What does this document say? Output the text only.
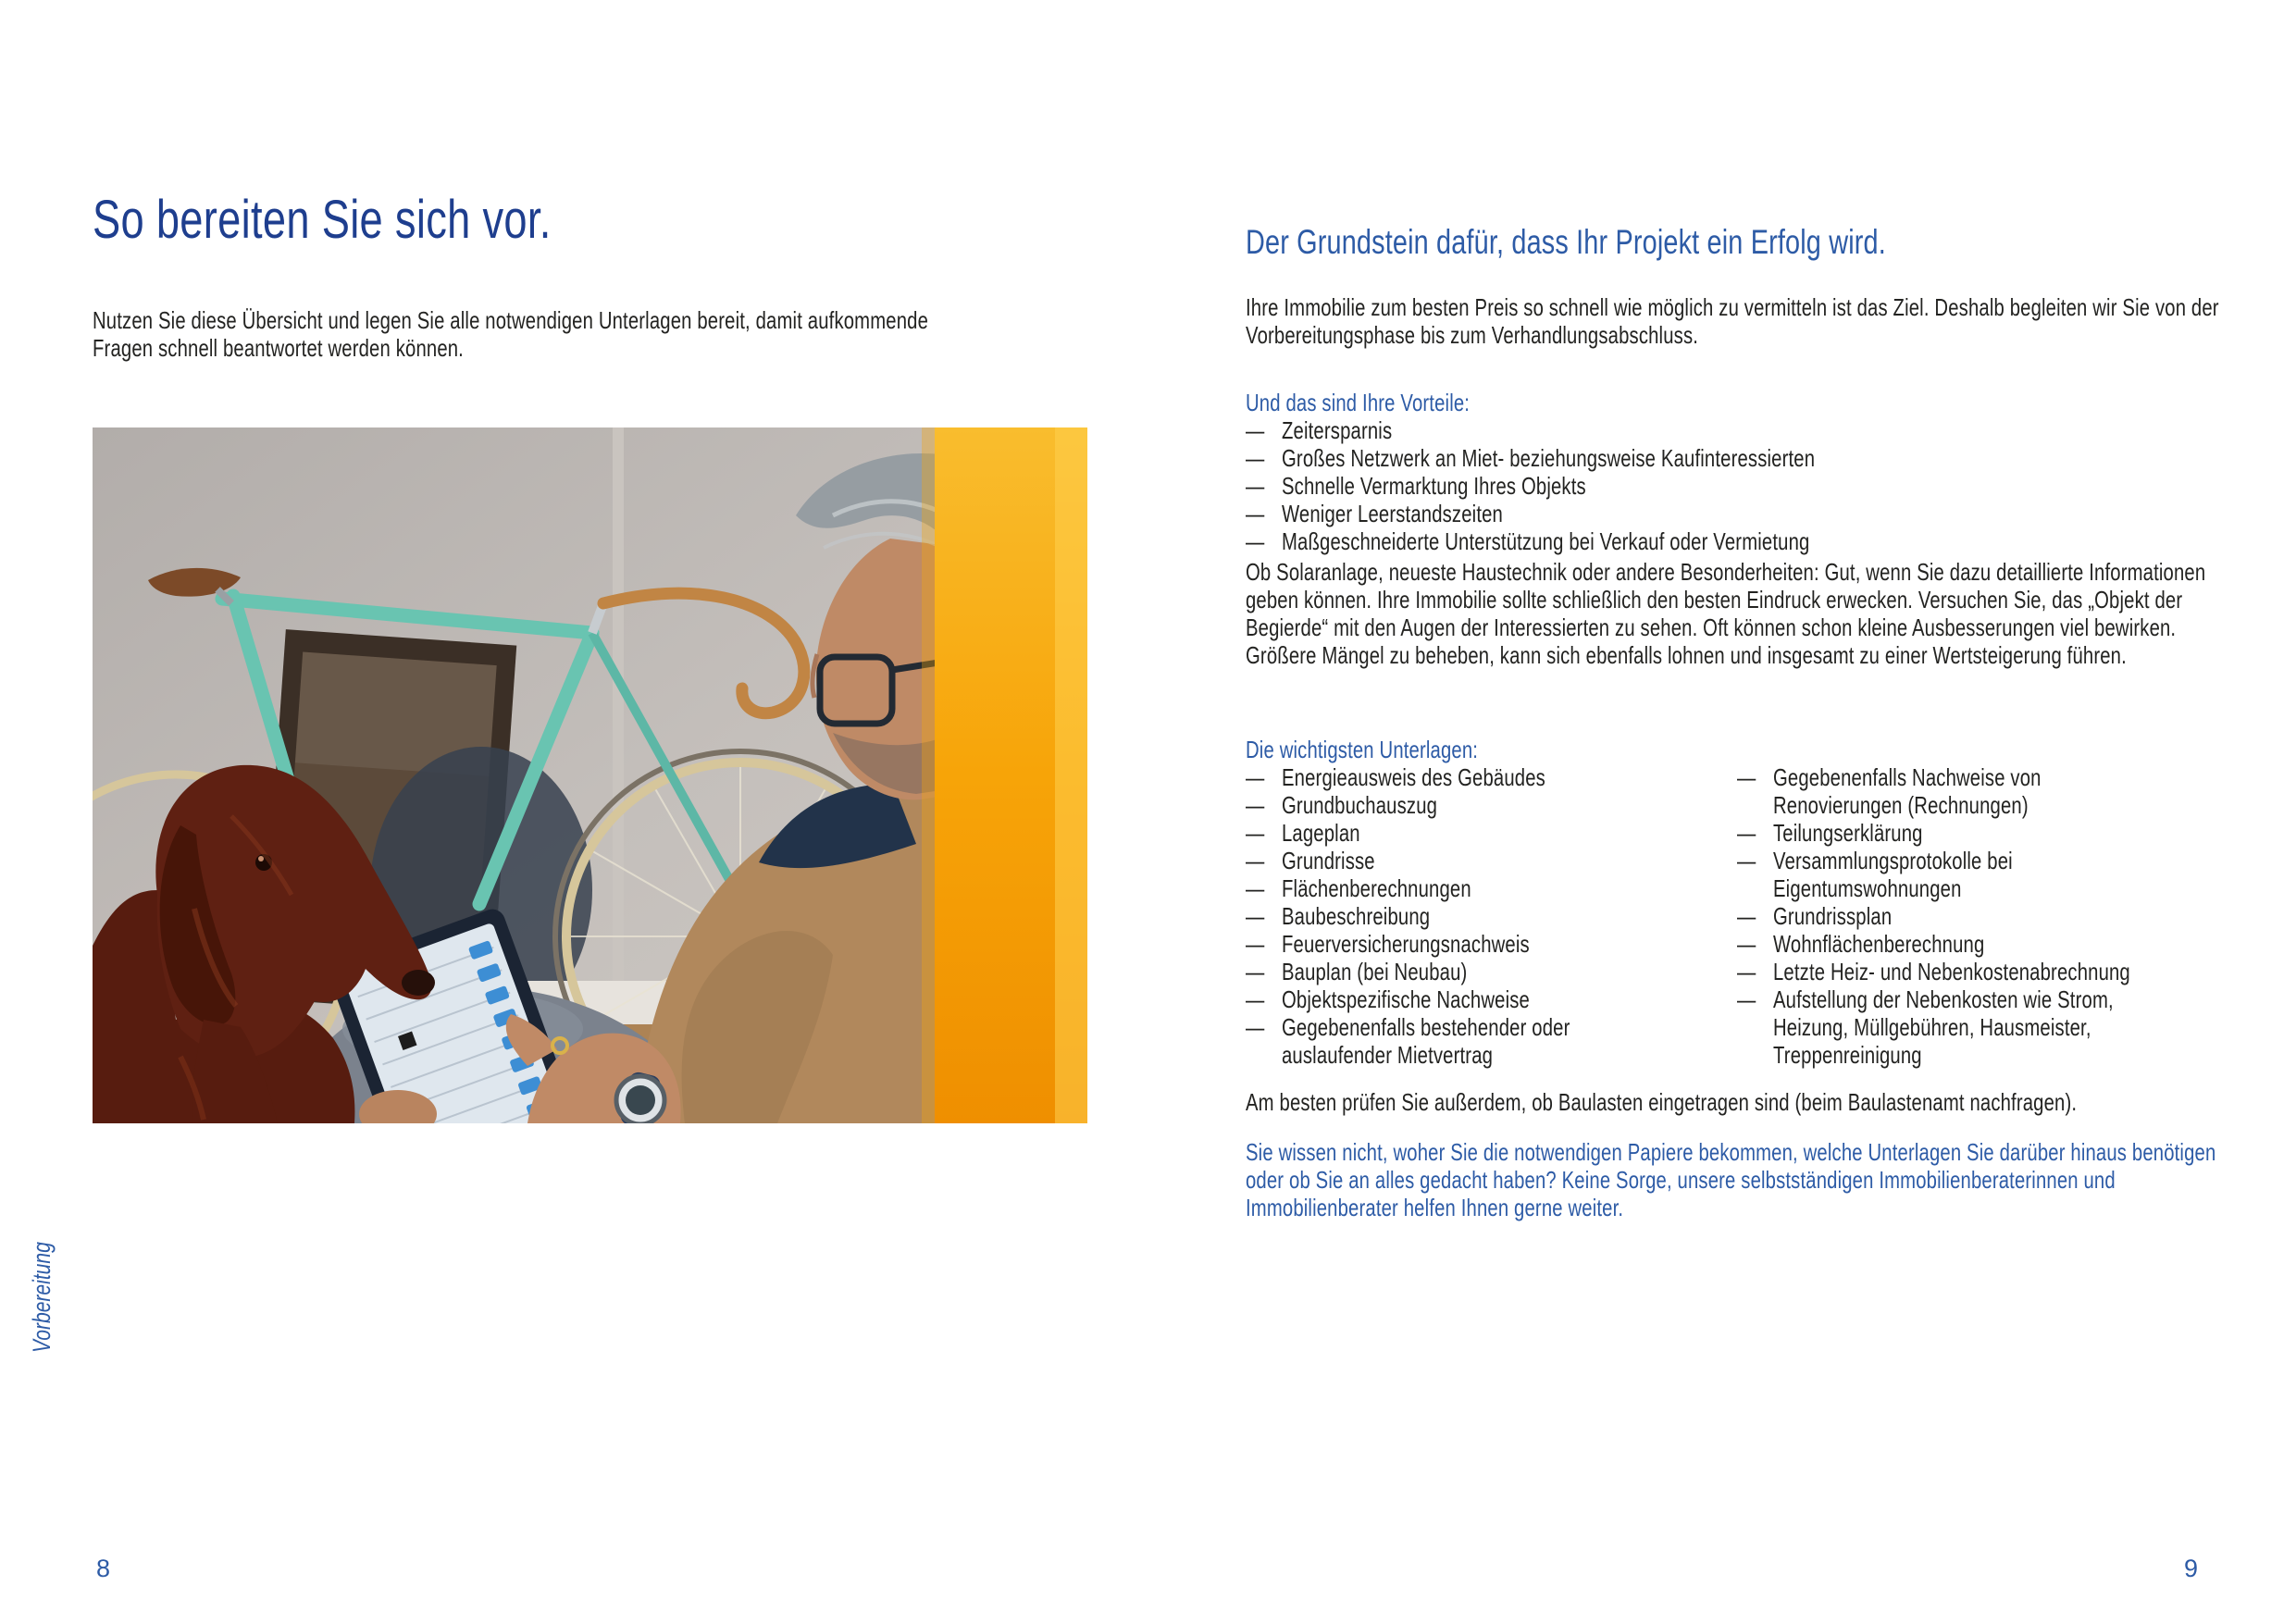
So bereiten Sie sich vor.
Nutzen Sie diese Übersicht und legen Sie alle notwendigen Unterlagen bereit, damit aufkommende Fragen schnell beantwortet werden können.
Vorbereitung
8
Der Grundstein dafür, dass Ihr Projekt ein Erfolg wird.
Ihre Immobilie zum besten Preis so schnell wie möglich zu vermitteln ist das Ziel. Deshalb begleiten wir Sie von der Vorbereitungsphase bis zum Verhandlungsabschluss.
Und das sind Ihre Vorteile:
— Zeitersparnis
— Großes Netzwerk an Miet- beziehungsweise Kaufinteressierten
— Schnelle Vermarktung Ihres Objekts
— Weniger Leerstandszeiten
— Maßgeschneiderte Unterstützung bei Verkauf oder Vermietung
Ob Solaranlage, neueste Haustechnik oder andere Besonderheiten: Gut, wenn Sie dazu detaillierte Informationen geben können. Ihre Immobilie sollte schließlich den besten Eindruck erwecken. Versuchen Sie, das „Objekt der Begierde“ mit den Augen der Interessierten zu sehen. Oft können schon kleine Ausbesserungen viel bewirken. Größere Mängel zu beheben, kann sich ebenfalls lohnen und insgesamt zu einer Wertsteigerung führen.
Die wichtigsten Unterlagen:
— Energieausweis des Gebäudes
— Grundbuchauszug
— Lageplan
— Grundrisse
— Flächenberechnungen
— Baubeschreibung
— Feuerversicherungsnachweis
— Bauplan (bei Neubau)
— Objektspezifische Nachweise
— Gegebenenfalls bestehender oder auslaufender Mietvertrag
— Gegebenenfalls Nachweise von Renovierungen (Rechnungen)
— Teilungserklärung
— Versammlungsprotokolle bei Eigentumswohnungen
— Grundrissplan
— Wohnflächenberechnung
— Letzte Heiz- und Nebenkostenabrechnung
— Aufstellung der Nebenkosten wie Strom, Heizung, Müllgebühren, Hausmeister, Treppenreinigung
Am besten prüfen Sie außerdem, ob Baulasten eingetragen sind (beim Baulastenamt nachfragen).
Sie wissen nicht, woher Sie die notwendigen Papiere bekommen, welche Unterlagen Sie darüber hinaus benötigen oder ob Sie an alles gedacht haben? Keine Sorge, unsere selbstständigen Immobilienberaterinnen und Immobilienberater helfen Ihnen gerne weiter.
9
